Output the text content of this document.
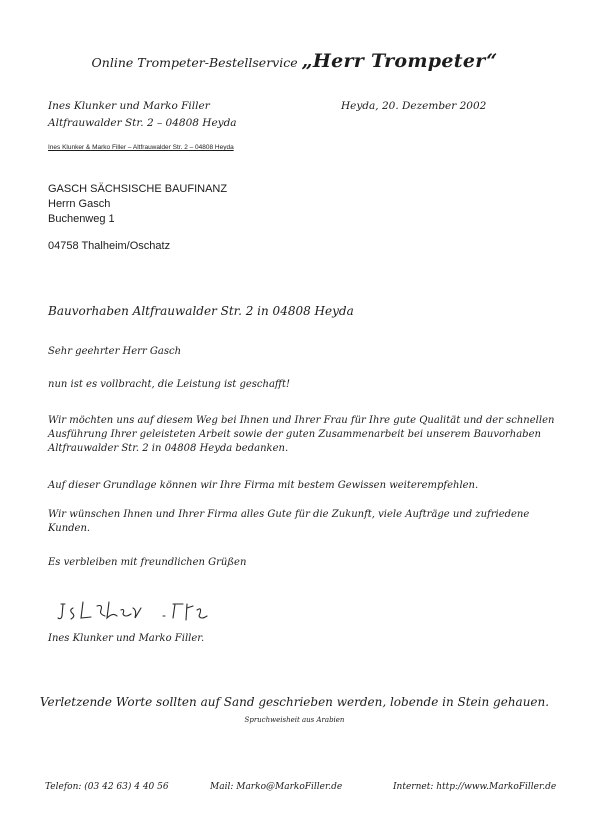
Online Trompeter-Bestellservice „Herr Trompeter“
Ines Klunker und Marko Filler
Altfrauwalder Str. 2 – 04808 Heyda
Heyda, 20. Dezember 2002
Ines Klunker & Marko Filler – Altfrauwalder Str. 2 – 04808 Heyda
GASCH SÄCHSISCHE BAUFINANZ
Herrn Gasch
Buchenweg 1
04758 Thalheim/Oschatz
Bauvorhaben Altfrauwalder Str. 2 in 04808 Heyda
Sehr geehrter Herr Gasch
nun ist es vollbracht, die Leistung ist geschafft!
Wir möchten uns auf diesem Weg bei Ihnen und Ihrer Frau für Ihre gute Qualität und der schnellen Ausführung Ihrer geleisteten Arbeit sowie der guten Zusammenarbeit bei unserem Bauvorhaben Altfrauwalder Str. 2 in 04808 Heyda bedanken.
Auf dieser Grundlage können wir Ihre Firma mit bestem Gewissen weiterempfehlen.
Wir wünschen Ihnen und Ihrer Firma alles Gute für die Zukunft, viele Aufträge und zufriedene Kunden.
Es verbleiben mit freundlichen Grüßen
Ines Klunker und Marko Filler.
Verletzende Worte sollten auf Sand geschrieben werden, lobende in Stein gehauen.
Spruchweisheit aus Arabien
Telefon: (03 42 63) 4 40 56	Mail: Marko@MarkoFiller.de	Internet: http://www.MarkoFiller.de
